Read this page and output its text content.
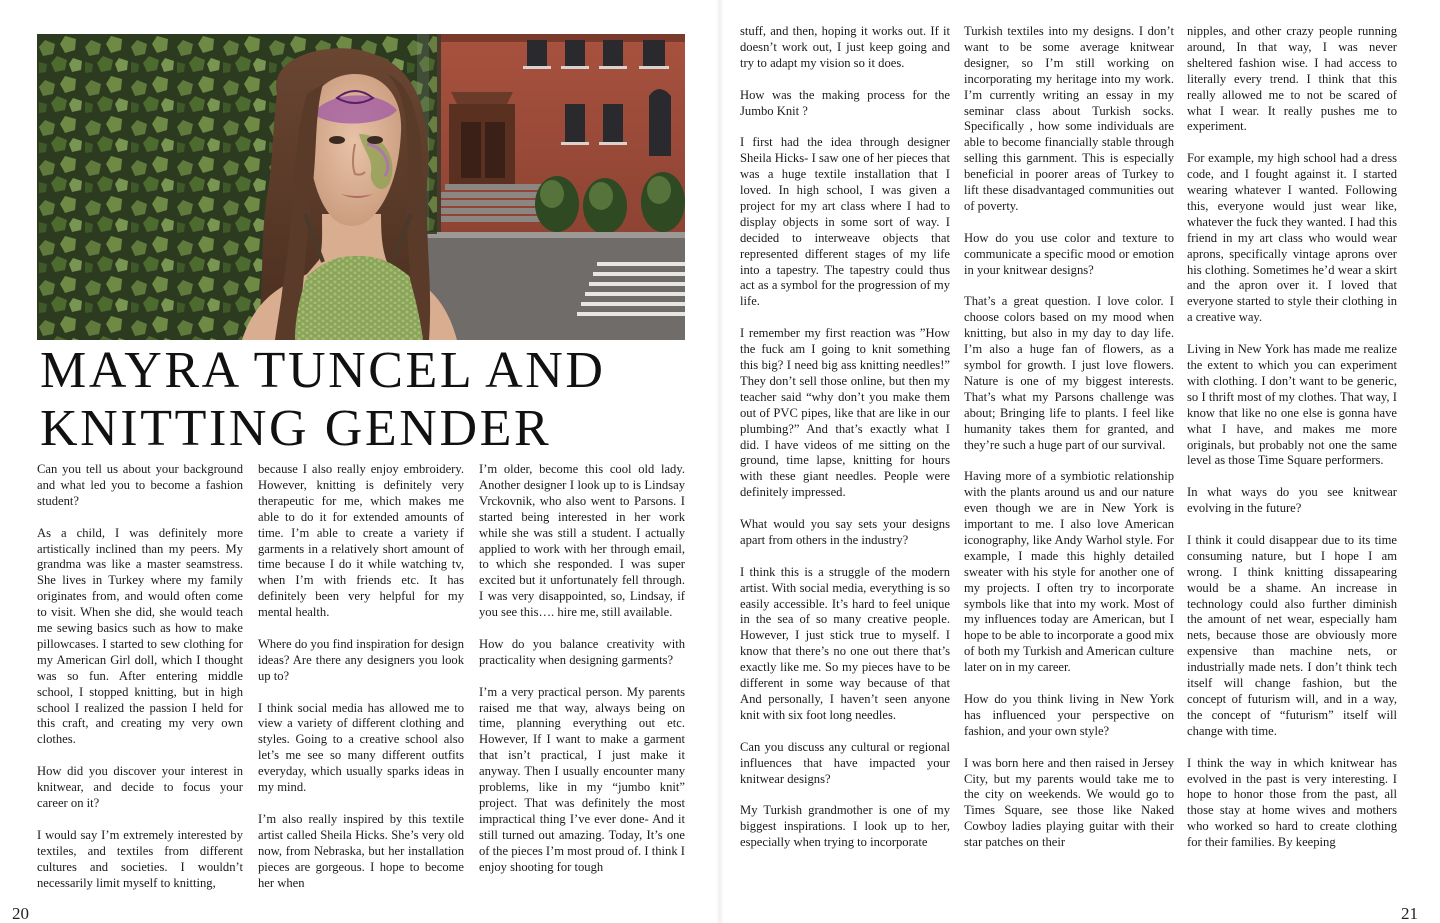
MAYRA TUNCEL AND
KNITTING GENDER

Can you tell us about your background and what led you to become a fashion student?

As a child, I was definitely more artistically inclined than my peers. My grandma was like a master seamstress. She lives in Turkey where my family originates from, and would often come to visit. When she did, she would teach me sewing basics such as how to make pillowcases. I started to sew clothing for my American Girl doll, which I thought was so fun. After entering middle school, I stopped knitting, but in high school I realized the passion I held for this craft, and creating my very own clothes.

How did you discover your interest in knitwear, and decide to focus your career on it?

I would say I’m extremely interested by textiles, and textiles from different cultures and societies. I wouldn’t necessarily limit myself to knitting,

because I also really enjoy embroidery. However, knitting is definitely very therapeutic for me, which makes me able to do it for extended amounts of time. I’m able to create a variety if garments in a relatively short amount of time because I do it while watching tv, when I’m with friends etc. It has definitely been very helpful for my mental health.

Where do you find inspiration for design ideas? Are there any designers you look up to?

I think social media has allowed me to view a variety of different clothing and styles. Going to a creative school also let’s me see so many different outfits everyday, which usually sparks ideas in my mind.

I’m also really inspired by this textile artist called Sheila Hicks. She’s very old now, from Nebraska, but her installation pieces are gorgeous. I hope to become her when

I’m older, become this cool old lady. Another designer I look up to is Lindsay Vrckovnik, who also went to Parsons. I started being interested in her work while she was still a student. I actually applied to work with her through email, to which she responded. I was super excited but it unfortunately fell through. I was very disappointed, so, Lindsay, if you see this…. hire me, still available.

How do you balance creativity with practicality when designing garments?

I’m a very practical person. My parents raised me that way, always being on time, planning everything out etc. However, If I want to make a garment that isn’t practical, I just make it anyway. Then I usually encounter many problems, like in my “jumbo knit” project. That was definitely the most impractical thing I’ve ever done- And it still turned out amazing. Today, It’s one of the pieces I’m most proud of. I think I enjoy shooting for tough

stuff, and then, hoping it works out. If it doesn’t work out, I just keep going and try to adapt my vision so it does.

How was the making process for the Jumbo Knit ?

I first had the idea through designer Sheila Hicks- I saw one of her pieces that was a huge textile installation that I loved. In high school, I was given a project for my art class where I had to display objects in some sort of way. I decided to interweave objects that represented different stages of my life into a tapestry. The tapestry could thus act as a symbol for the progression of my life.

I remember my first reaction was ”How the fuck am I going to knit something this big? I need big ass knitting needles!” They don’t sell those online, but then my teacher said “why don’t you make them out of PVC pipes, like that are like in our plumbing?” And that’s exactly what I did. I have videos of me sitting on the ground, time lapse, knitting for hours with these giant needles. People were definitely impressed.

What would you say sets your designs apart from others in the industry?

I think this is a struggle of the modern artist. With social media, everything is so easily accessible. It’s hard to feel unique in the sea of so many creative people. However, I just stick true to myself. I know that there’s no one out there that’s exactly like me. So my pieces have to be different in some way because of that And personally, I haven’t seen anyone knit with six foot long needles.

Can you discuss any cultural or regional influences that have impacted your knitwear designs?

My Turkish grandmother is one of my biggest inspirations. I look up to her, especially when trying to incorporate

Turkish textiles into my designs. I don’t want to be some average knitwear designer, so I’m still working on incorporating my heritage into my work. I’m currently writing an essay in my seminar class about Turkish socks. Specifically , how some individuals are able to become financially stable through selling this garnment. This is especially beneficial in poorer areas of Turkey to lift these disadvantaged communities out of poverty.

How do you use color and texture to communicate a specific mood or emotion in your knitwear designs?

That’s a great question. I love color. I choose colors based on my mood when knitting, but also in my day to day life. I’m also a huge fan of flowers, as a symbol for growth. I just love flowers. Nature is one of my biggest interests. That’s what my Parsons challenge was about; Bringing life to plants. I feel like humanity takes them for granted, and they’re such a huge part of our survival.

Having more of a symbiotic relationship with the plants around us and our nature even though we are in New York is important to me. I also love American iconography, like Andy Warhol style. For example, I made this highly detailed sweater with his style for another one of my projects. I often try to incorporate symbols like that into my work. Most of my influences today are American, but I hope to be able to incorporate a good mix of both my Turkish and American culture later on in my career.

How do you think living in New York has influenced your perspective on fashion, and your own style?

I was born here and then raised in Jersey City, but my parents would take me to the city on weekends. We would go to Times Square, see those like Naked Cowboy ladies playing guitar with their star patches on their

nipples, and other crazy people running around, In that way, I was never sheltered fashion wise. I had access to literally every trend. I think that this really allowed me to not be scared of what I wear. It really pushes me to experiment.

For example, my high school had a dress code, and I fought against it. I started wearing whatever I wanted. Following this, everyone would just wear like, whatever the fuck they wanted. I had this friend in my art class who would wear aprons, specifically vintage aprons over his clothing. Sometimes he’d wear a skirt and the apron over it. I loved that everyone started to style their clothing in a creative way.

Living in New York has made me realize the extent to which you can experiment with clothing. I don’t want to be generic, so I thrift most of my clothes. That way, I know that like no one else is gonna have what I have, and makes me more originals, but probably not one the same level as those Time Square performers.

In what ways do you see knitwear evolving in the future?

I think it could disappear due to its time consuming nature, but I hope I am wrong. I think knitting dissapearing would be a shame. An increase in technology could also further diminish the amount of net wear, especially ham nets, because those are obviously more expensive than machine nets, or industrially made nets. I don’t think tech itself will change fashion, but the concept of futurism will, and in a way, the concept of “futurism” itself will change with time.

I think the way in which knitwear has evolved in the past is very interesting. I hope to honor those from the past, all those stay at home wives and mothers who worked so hard to create clothing for their families. By keeping

20	21
